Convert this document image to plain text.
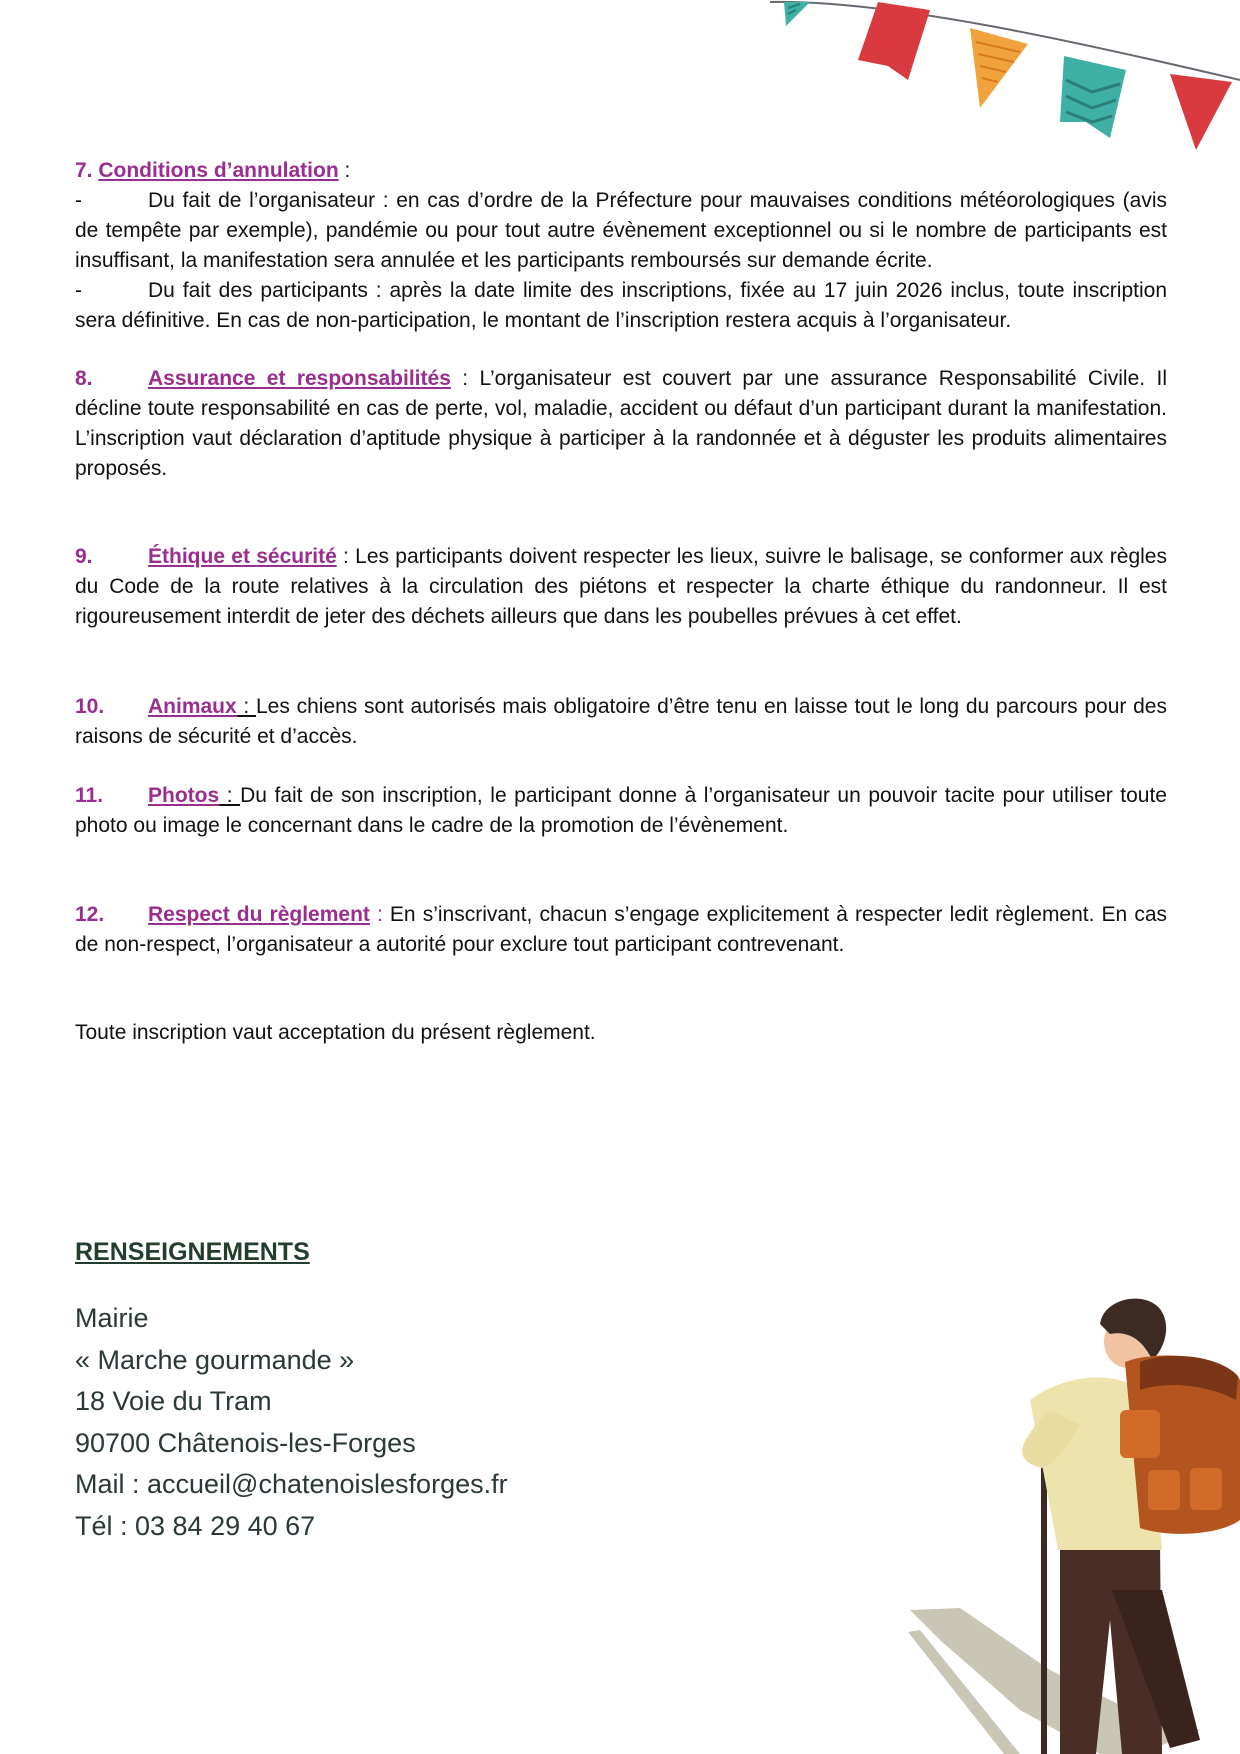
7. Conditions d’annulation :
-	Du fait de l’organisateur : en cas d’ordre de la Préfecture pour mauvaises conditions météorologiques (avis de tempête par exemple), pandémie ou pour tout autre évènement exceptionnel ou si le nombre de participants est insuffisant, la manifestation sera annulée et les participants remboursés sur demande écrite.
-	Du fait des participants : après la date limite des inscriptions, fixée au 17 juin 2026 inclus, toute inscription sera définitive. En cas de non-participation, le montant de l’inscription restera acquis à l’organisateur.

8.	Assurance et responsabilités : L’organisateur est couvert par une assurance Responsabilité Civile. Il décline toute responsabilité en cas de perte, vol, maladie, accident ou défaut d’un participant durant la manifestation. L’inscription vaut déclaration d’aptitude physique à participer à la randonnée et à déguster les produits alimentaires proposés.

9.	Éthique et sécurité : Les participants doivent respecter les lieux, suivre le balisage, se conformer aux règles du Code de la route relatives à la circulation des piétons et respecter la charte éthique du randonneur. Il est rigoureusement interdit de jeter des déchets ailleurs que dans les poubelles prévues à cet effet.

10. Animaux : Les chiens sont autorisés mais obligatoire d’être tenu en laisse tout le long du parcours pour des raisons de sécurité et d’accès.

11. Photos : Du fait de son inscription, le participant donne à l’organisateur un pouvoir tacite pour utiliser toute photo ou image le concernant dans le cadre de la promotion de l’évènement.

12. Respect du règlement : En s’inscrivant, chacun s’engage explicitement à respecter ledit règlement. En cas de non-respect, l’organisateur a autorité pour exclure tout participant contrevenant.

Toute inscription vaut acceptation du présent règlement.

RENSEIGNEMENTS

Mairie

« Marche gourmande »

18 Voie du Tram

90700 Châtenois-les-Forges

Mail : accueil@chatenoislesforges.fr

Tél : 03 84 29 40 67
